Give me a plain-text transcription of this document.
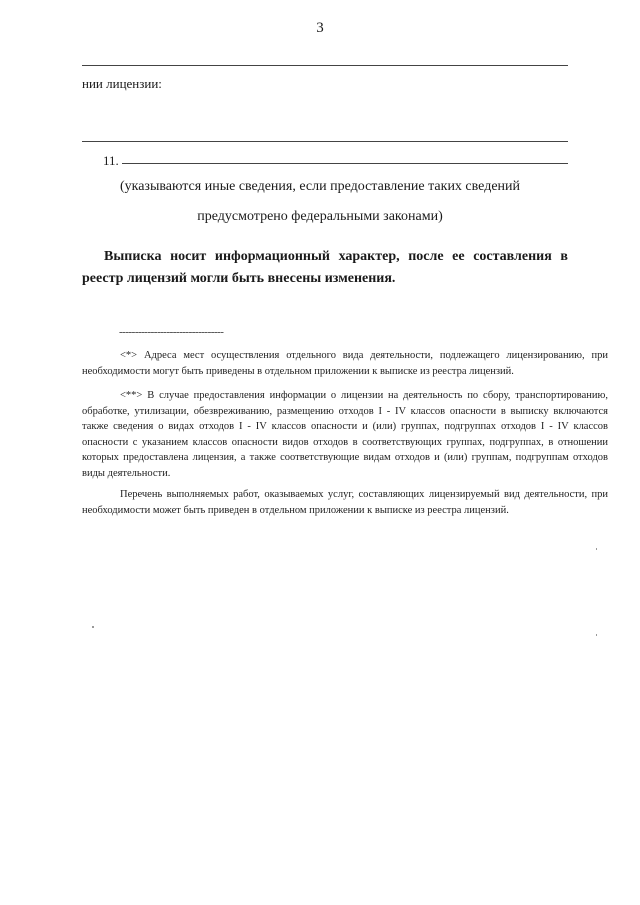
3
нии лицензии:
11.
(указываются иные сведения, если предоставление таких сведений
предусмотрено федеральными законами)
Выписка носит информационный характер, после ее составления в реестр лицензий могли быть внесены изменения.
---------------------------------
<*> Адреса мест осуществления отдельного вида деятельности, подлежащего лицензированию, при необходимости могут быть приведены в отдельном приложении к выписке из реестра лицензий.
<**> В случае предоставления информации о лицензии на деятельность по сбору, транспортированию, обработке, утилизации, обезвреживанию, размещению отходов I - IV классов опасности в выписку включаются также сведения о видах отходов I - IV классов опасности и (или) группах, подгруппах отходов I - IV классов опасности с указанием классов опасности видов отходов в соответствующих группах, подгруппах, в отношении которых предоставлена лицензия, а также соответствующие видам отходов и (или) группам, подгруппам отходов виды деятельности.
Перечень выполняемых работ, оказываемых услуг, составляющих лицензируемый вид деятельности, при необходимости может быть приведен в отдельном приложении к выписке из реестра лицензий.
